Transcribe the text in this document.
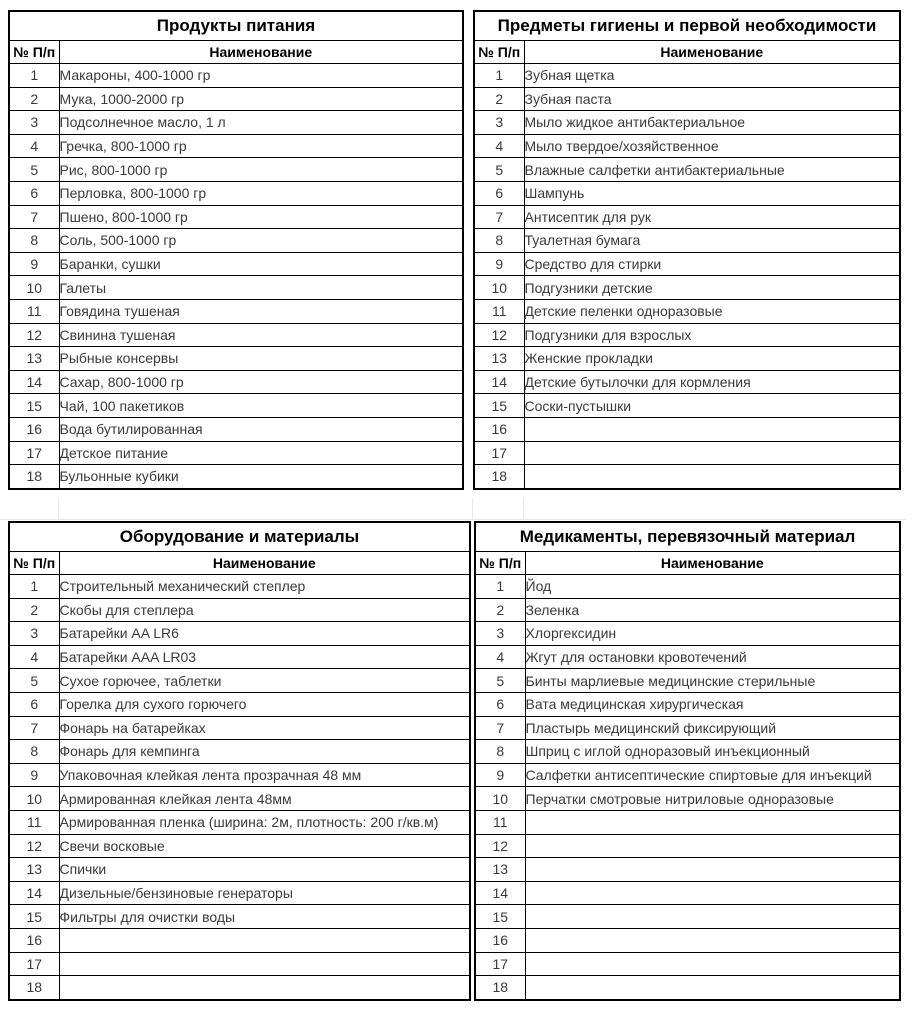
Продукты питания	
№ П/п	Наименование
1	Макароны, 400-1000 гр
2	Мука, 1000-2000 гр
3	Подсолнечное масло, 1 л
4	Гречка, 800-1000 гр
5	Рис, 800-1000 гр
6	Перловка, 800-1000 гр
7	Пшено, 800-1000 гр
8	Соль, 500-1000 гр
9	Баранки, сушки
10	Галеты
11	Говядина тушеная
12	Свинина тушеная
13	Рыбные консервы
14	Сахар, 800-1000 гр
15	Чай, 100 пакетиков
16	Вода бутилированная
17	Детское питание
18	Бульонные кубики
Предметы гигиены и первой необходимости	
№ П/п	Наименование
1	Зубная щетка
2	Зубная паста
3	Мыло жидкое антибактериальное
4	Мыло твердое/хозяйственное
5	Влажные салфетки антибактериальные
6	Шампунь
7	Антисептик для рук
8	Туалетная бумага
9	Средство для стирки
10	Подгузники детские
11	Детские пеленки одноразовые
12	Подгузники для взрослых
13	Женские прокладки
14	Детские бутылочки для кормления
15	Соски-пустышки
16	
17	
18	
Оборудование и материалы	
№ П/п	Наименование
1	Строительный механический степлер
2	Скобы для степлера
3	Батарейки AA LR6
4	Батарейки AAA LR03
5	Сухое горючее, таблетки
6	Горелка для сухого горючего
7	Фонарь на батарейках
8	Фонарь для кемпинга
9	Упаковочная клейкая лента прозрачная 48 мм
10	Армированная клейкая лента 48мм
11	Армированная пленка (ширина: 2м, плотность: 200 г/кв.м)
12	Свечи восковые
13	Спички
14	Дизельные/бензиновые генераторы
15	Фильтры для очистки воды
16	
17	
18	
Медикаменты, перевязочный материал	
№ П/п	Наименование
1	Йод
2	Зеленка
3	Хлоргексидин
4	Жгут для остановки кровотечений
5	Бинты марлиевые медицинские стерильные
6	Вата медицинская хирургическая
7	Пластырь медицинский фиксирующий
8	Шприц с иглой одноразовый инъекционный
9	Салфетки антисептические спиртовые для инъекций
10	Перчатки смотровые нитриловые одноразовые
11	
12	
13	
14	
15	
16	
17	
18	
